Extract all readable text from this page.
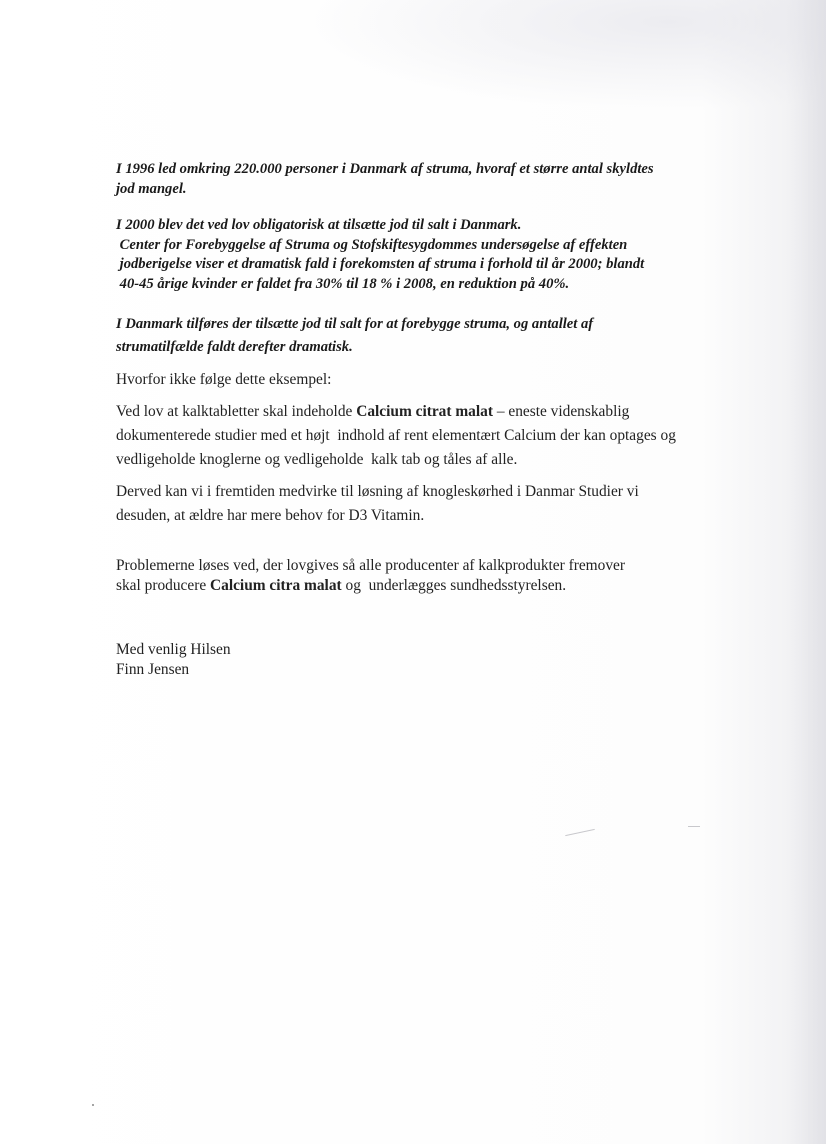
I 1996 led omkring 220.000 personer i Danmark af struma, hvoraf et større antal skyldtes
jod mangel.
I 2000 blev det ved lov obligatorisk at tilsætte jod til salt i Danmark.
Center for Forebyggelse af Struma og Stofskiftesygdommes undersøgelse af effekten
jodberigelse viser et dramatisk fald i forekomsten af struma i forhold til år 2000; blandt
40-45 årige kvinder er faldet fra 30% til 18 % i 2008, en reduktion på 40%.
I Danmark tilføres der tilsætte jod til salt for at forebygge struma, og antallet af
strumatilfælde faldt derefter dramatisk.
Hvorfor ikke følge dette eksempel:
Ved lov at kalktabletter skal indeholde Calcium citrat malat – eneste videnskablig
dokumenterede studier med et højt  indhold af rent elementært Calcium der kan optages og
vedligeholde knoglerne og vedligeholde  kalk tab og tåles af alle.
Derved kan vi i fremtiden medvirke til løsning af knogleskørhed i Danmar Studier vi
desuden, at ældre har mere behov for D3 Vitamin.
Problemerne løses ved, der lovgives så alle producenter af kalkprodukter fremover
skal producere Calcium citra malat og  underlægges sundhedsstyrelsen.
Med venlig Hilsen
Finn Jensen
